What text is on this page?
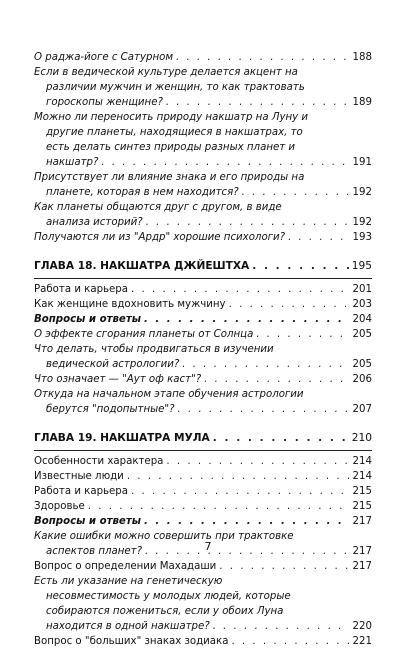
О раджа-йоге с Сатурном . . .	188
Если в ведической культуре делается акцент на
различии мужчин и женщин, то как трактовать
гороскопы женщине? . . .	189
Можно ли переносить природу накшатр на Луну и
другие планеты, находящиеся в накшатрах, то
есть делать синтез природы разных планет и
накшатр? . . .	191
Присутствует ли влияние знака и его природы на
планете, которая в нем находится? . . .	192
Как планеты общаются друг с другом, в виде
анализа историй? . . .	192
Получаются ли из "Ардр" хорошие психологи? . . .	193
ГЛАВА 18. НАКШАТРА ДЖЙЕШТХА . . .	195
Работа и карьера . . .	201
Как женщине вдохновить мужчину . . .	203
Вопросы и ответы . . .	204
О эффекте сгорания планеты от Солнца . . .	205
Что делать, чтобы продвигаться в изучении
ведической астрологии? . . .	205
Что означает — "Аут оф каст"? . . .	206
Откуда на начальном этапе обучения астрологии
берутся "подопытные"? . . .	207
ГЛАВА 19. НАКШАТРА МУЛА . . .	210
Особенности характера . . .	214
Известные люди . . .	214
Работа и карьера . . .	215
Здоровье . . .	215
Вопросы и ответы . . .	217
Какие ошибки можно совершить при трактовке
аспектов планет? . . .	217
Вопрос о определении Махадаши . . .	217
Есть ли указание на генетическую
несовместимость у молодых людей, которые
собираются пожениться, если у обоих Луна
находится в одной накшатре? . . .	220
Вопрос о "больших" знаках зодиака . . .	221
7
